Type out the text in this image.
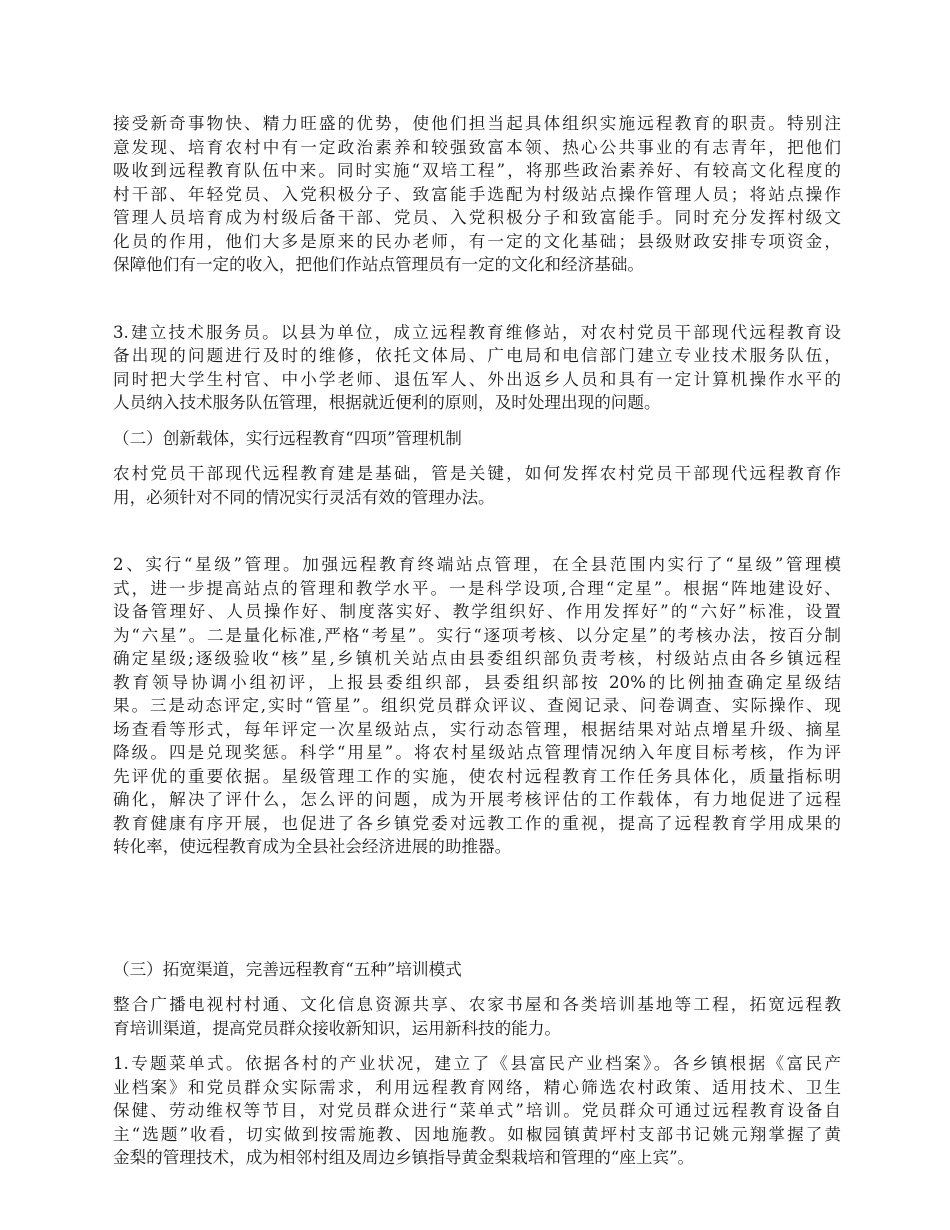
接受新奇事物快、精力旺盛的优势，使他们担当起具体组织实施远程教育的职责。特别注
意发现、培育农村中有一定政治素养和较强致富本领、热心公共事业的有志青年，把他们
吸收到远程教育队伍中来。同时实施“双培工程”，将那些政治素养好、有较高文化程度的
村干部、年轻党员、入党积极分子、致富能手选配为村级站点操作管理人员；将站点操作
管理人员培育成为村级后备干部、党员、入党积极分子和致富能手。同时充分发挥村级文
化员的作用，他们大多是原来的民办老师，有一定的文化基础；县级财政安排专项资金，
保障他们有一定的收入，把他们作站点管理员有一定的文化和经济基础。

3.建立技术服务员。以县为单位，成立远程教育维修站，对农村党员干部现代远程教育设
备出现的问题进行及时的维修，依托文体局、广电局和电信部门建立专业技术服务队伍，
同时把大学生村官、中小学老师、退伍军人、外出返乡人员和具有一定计算机操作水平的
人员纳入技术服务队伍管理，根据就近便利的原则，及时处理出现的问题。

（二）创新载体，实行远程教育“四项”管理机制

农村党员干部现代远程教育建是基础，管是关键，如何发挥农村党员干部现代远程教育作
用，必须针对不同的情况实行灵活有效的管理办法。

2、实行“星级”管理。加强远程教育终端站点管理，在全县范围内实行了“星级”管理模
式，进一步提高站点的管理和教学水平。一是科学设项,合理“定星”。根据“阵地建设好、
设备管理好、人员操作好、制度落实好、教学组织好、作用发挥好”的“六好”标准，设置
为“六星”。二是量化标准,严格“考星”。实行“逐项考核、以分定星”的考核办法，按百分制
确定星级;逐级验收“核”星,乡镇机关站点由县委组织部负责考核，村级站点由各乡镇远程
教育领导协调小组初评，上报县委组织部，县委组织部按 20%的比例抽查确定星级结
果。三是动态评定,实时“管星”。组织党员群众评议、查阅记录、问卷调查、实际操作、现
场查看等形式，每年评定一次星级站点，实行动态管理，根据结果对站点增星升级、摘星
降级。四是兑现奖惩。科学“用星”。将农村星级站点管理情况纳入年度目标考核，作为评
先评优的重要依据。星级管理工作的实施，使农村远程教育工作任务具体化，质量指标明
确化，解决了评什么，怎么评的问题，成为开展考核评估的工作载体，有力地促进了远程
教育健康有序开展，也促进了各乡镇党委对远教工作的重视，提高了远程教育学用成果的
转化率，使远程教育成为全县社会经济进展的助推器。

（三）拓宽渠道，完善远程教育“五种”培训模式

整合广播电视村村通、文化信息资源共享、农家书屋和各类培训基地等工程，拓宽远程教
育培训渠道，提高党员群众接收新知识，运用新科技的能力。

1.专题菜单式。依据各村的产业状况，建立了《县富民产业档案》。各乡镇根据《富民产
业档案》和党员群众实际需求，利用远程教育网络，精心筛选农村政策、适用技术、卫生
保健、劳动维权等节目，对党员群众进行“菜单式”培训。党员群众可通过远程教育设备自
主“选题”收看，切实做到按需施教、因地施教。如椒园镇黄坪村支部书记姚元翔掌握了黄
金梨的管理技术，成为相邻村组及周边乡镇指导黄金梨栽培和管理的“座上宾”。
